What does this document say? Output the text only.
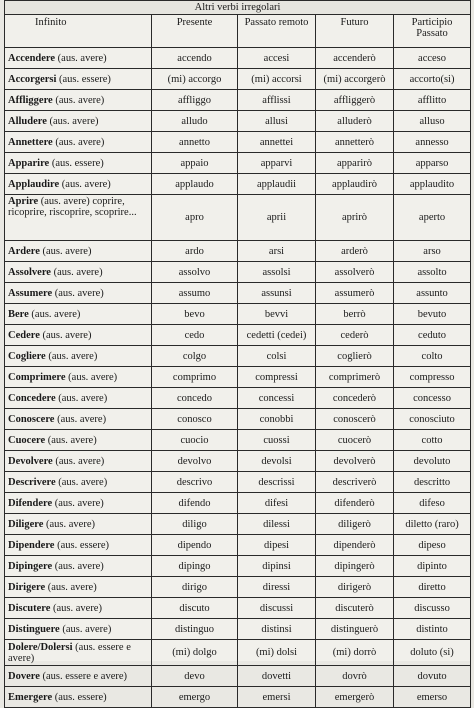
Altri verbi irregolari				
Infinito	Presente	Passato remoto	Futuro	Participio Passato
Accendere (aus. avere)	accendo	accesi	accenderò	acceso
Accorgersi (aus. essere)	(mi) accorgo	(mi) accorsi	(mi) accorgerò	accorto(si)
Affliggere (aus. avere)	affliggo	afflissi	affliggerò	afflitto
Alludere (aus. avere)	alludo	allusi	alluderò	alluso
Annettere (aus. avere)	annetto	annettei	annetterò	annesso
Apparire (aus. essere)	appaio	apparvi	apparirò	apparso
Applaudire (aus. avere)	applaudo	applaudii	applaudirò	applaudito
Aprire (aus. avere) coprire, ricoprire, riscoprire, scoprire...	apro	aprii	aprirò	aperto
Ardere (aus. avere)	ardo	arsi	arderò	arso
Assolvere (aus. avere)	assolvo	assolsi	assolverò	assolto
Assumere (aus. avere)	assumo	assunsi	assumerò	assunto
Bere (aus. avere)	bevo	bevvi	berrò	bevuto
Cedere (aus. avere)	cedo	cedetti (cedei)	cederò	ceduto
Cogliere (aus. avere)	colgo	colsi	coglierò	colto
Comprimere (aus. avere)	comprimo	compressi	comprimerò	compresso
Concedere (aus. avere)	concedo	concessi	concederò	concesso
Conoscere (aus. avere)	conosco	conobbi	conoscerò	conosciuto
Cuocere (aus. avere)	cuocio	cuossi	cuocerò	cotto
Devolvere (aus. avere)	devolvo	devolsi	devolverò	devoluto
Descrivere (aus. avere)	descrivo	descrissi	descriverò	descritto
Difendere (aus. avere)	difendo	difesi	difenderò	difeso
Diligere (aus. avere)	diligo	dilessi	diligerò	diletto (raro)
Dipendere (aus. essere)	dipendo	dipesi	dipenderò	dipeso
Dipingere (aus. avere)	dipingo	dipinsi	dipingerò	dipinto
Dirigere (aus. avere)	dirigo	diressi	dirigerò	diretto
Discutere (aus. avere)	discuto	discussi	discuterò	discusso
Distinguere (aus. avere)	distinguo	distinsi	distinguerò	distinto
Dolere/Dolersi (aus. essere e avere)	(mi) dolgo	(mi) dolsi	(mi) dorrò	doluto (si)
Dovere (aus. essere e avere)	devo	dovetti	dovrò	dovuto
Emergere (aus. essere)	emergo	emersi	emergerò	emerso
